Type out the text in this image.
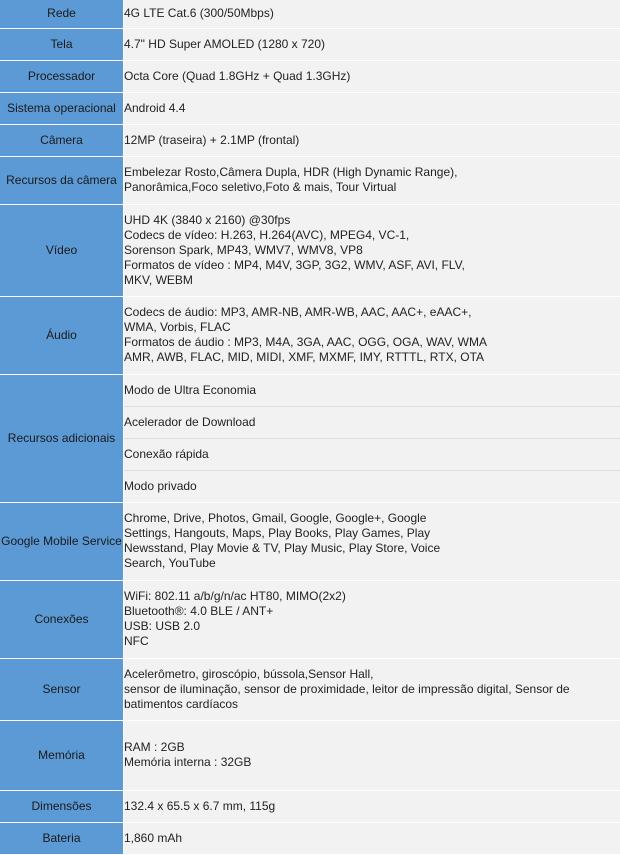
Rede	4G LTE Cat.6 (300/50Mbps)

Tela	4.7" HD Super AMOLED (1280 x 720)

Processador	Octa Core (Quad 1.8GHz + Quad 1.3GHz)

Sistema operacional	Android 4.4

Câmera	12MP (traseira) + 2.1MP (frontal)

Recursos da câmera	Embelezar Rosto,Câmera Dupla, HDR (High Dynamic Range),
Panorâmica,Foco seletivo,Foto & mais, Tour Virtual

Vídeo	UHD 4K (3840 x 2160) @30fps
Codecs de vídeo: H.263, H.264(AVC), MPEG4, VC-1,
Sorenson Spark, MP43, WMV7, WMV8, VP8
Formatos de vídeo : MP4, M4V, 3GP, 3G2, WMV, ASF, AVI, FLV,
MKV, WEBM

Áudio	Codecs de áudio: MP3, AMR-NB, AMR-WB, AAC, AAC+, eAAC+,
WMA, Vorbis, FLAC
Formatos de áudio : MP3, M4A, 3GA, AAC, OGG, OGA, WAV, WMA
AMR, AWB, FLAC, MID, MIDI, XMF, MXMF, IMY, RTTTL, RTX, OTA

Recursos adicionais	Modo de Ultra Economia
	Acelerador de Download
	Conexão rápida
	Modo privado
Google Mobile Service	Chrome, Drive, Photos, Gmail, Google, Google+, Google
Settings, Hangouts, Maps, Play Books, Play Games, Play
Newsstand, Play Movie & TV, Play Music, Play Store, Voice
Search, YouTube

Conexões	WiFi: 802.11 a/b/g/n/ac HT80, MIMO(2x2)
Bluetooth®: 4.0 BLE / ANT+
USB: USB 2.0
NFC

Sensor	Acelerômetro, giroscópio, bússola,Sensor Hall,
sensor de iluminação, sensor de proximidade, leitor de impressão digital, Sensor de
batimentos cardíacos

Memória	RAM : 2GB
Memória interna : 32GB

Dimensões	132.4 x 65.5 x 6.7 mm, 115g

Bateria	1,860 mAh
